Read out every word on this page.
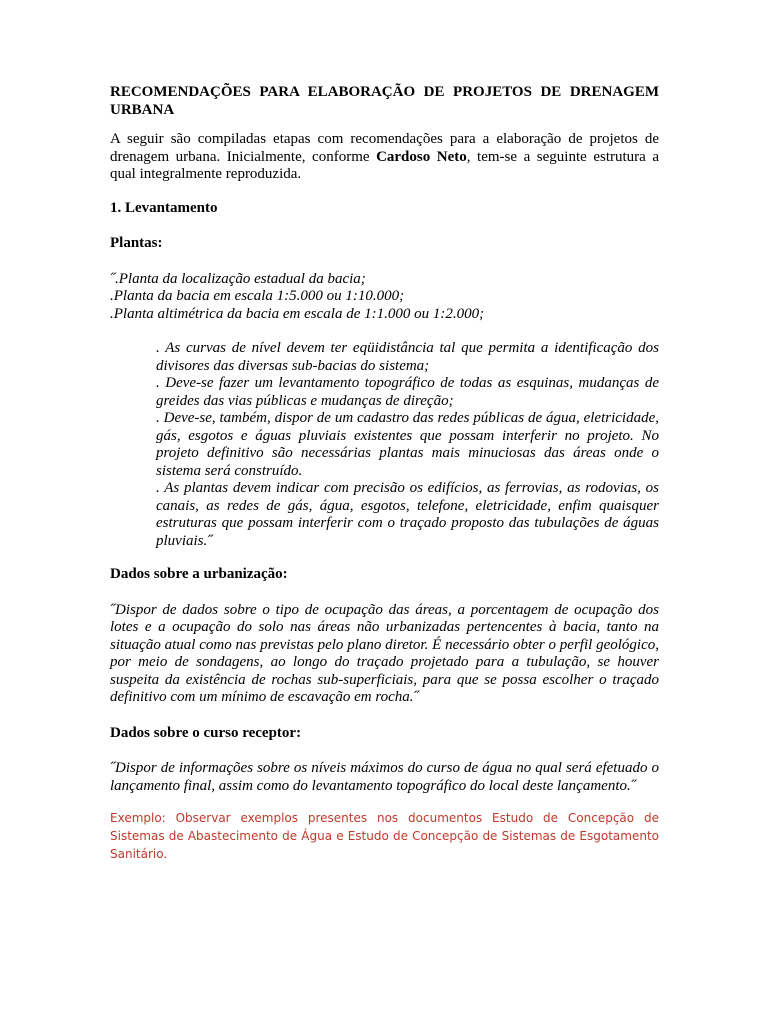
RECOMENDAÇÕES PARA ELABORAÇÃO DE PROJETOS DE DRENAGEM URBANA

A seguir são compiladas etapas com recomendações para a elaboração de projetos de drenagem urbana. Inicialmente, conforme Cardoso Neto, tem-se a seguinte estrutura a qual integralmente reproduzida.

1. Levantamento

Plantas:

˝.Planta da localização estadual da bacia;
.Planta da bacia em escala 1:5.000 ou 1:10.000;
.Planta altimétrica da bacia em escala de 1:1.000 ou 1:2.000;

. As curvas de nível devem ter eqüidistância tal que permita a identificação dos divisores das diversas sub-bacias do sistema;

. Deve-se fazer um levantamento topográfico de todas as esquinas, mudanças de greides das vias públicas e mudanças de direção;

. Deve-se, também, dispor de um cadastro das redes públicas de água, eletricidade, gás, esgotos e águas pluviais existentes que possam interferir no projeto. No projeto definitivo são necessárias plantas mais minuciosas das áreas onde o sistema será construído.

. As plantas devem indicar com precisão os edifícios, as ferrovias, as rodovias, os canais, as redes de gás, água, esgotos, telefone, eletricidade, enfim quaisquer estruturas que possam interferir com o traçado proposto das tubulações de águas pluviais.˝

Dados sobre a urbanização:

˝Dispor de dados sobre o tipo de ocupação das áreas, a porcentagem de ocupação dos lotes e a ocupação do solo nas áreas não urbanizadas pertencentes à bacia, tanto na situação atual como nas previstas pelo plano diretor. É necessário obter o perfil geológico, por meio de sondagens, ao longo do traçado projetado para a tubulação, se houver suspeita da existência de rochas sub-superficiais, para que se possa escolher o traçado definitivo com um mínimo de escavação em rocha.˝

Dados sobre o curso receptor:

˝Dispor de informações sobre os níveis máximos do curso de água no qual será efetuado o lançamento final, assim como do levantamento topográfico do local deste lançamento.˝

Exemplo: Observar exemplos presentes nos documentos Estudo de Concepção de Sistemas de Abastecimento de Água e Estudo de Concepção de Sistemas de Esgotamento Sanitário.
